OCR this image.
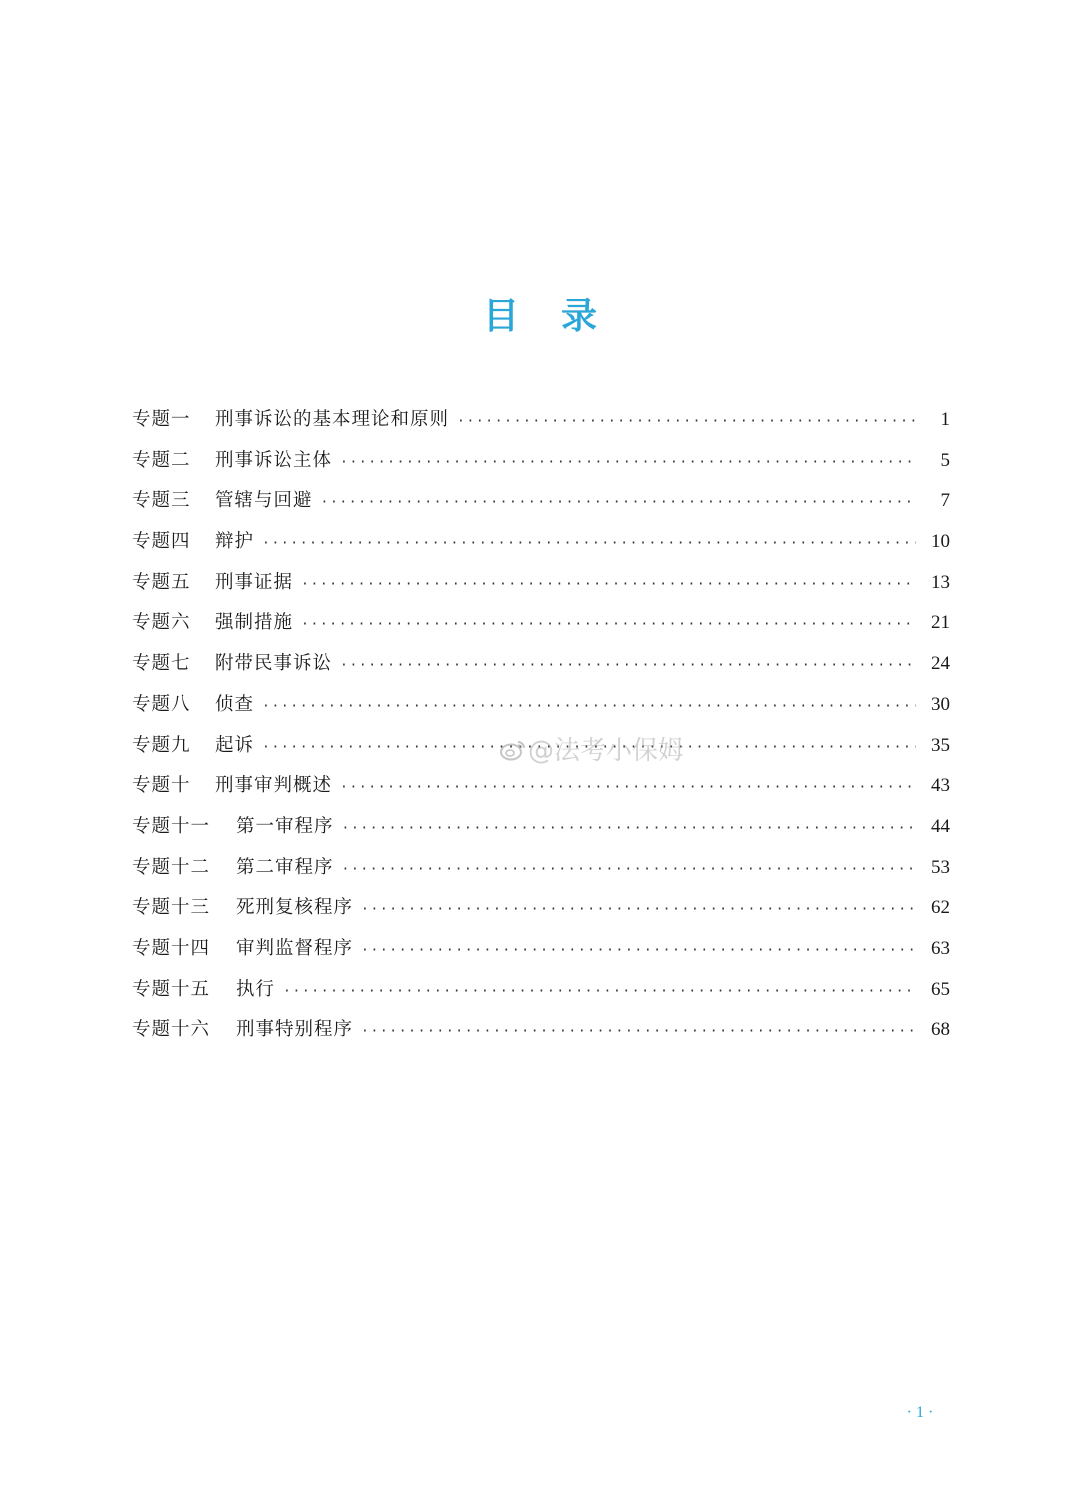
目录
专题一	刑事诉讼的基本理论和原则 ·····	1
专题二	刑事诉讼主体 ·····	5
专题三	管辖与回避 ·····	7
专题四	辩护 ·····	10
专题五	刑事证据 ·····	13
专题六	强制措施 ·····	21
专题七	附带民事诉讼 ·····	24
专题八	侦查 ·····	30
专题九	起诉 ·····	35
专题十	刑事审判概述 ·····	43
专题十一	第一审程序 ·····	44
专题十二	第二审程序 ·····	53
专题十三	死刑复核程序 ·····	62
专题十四	审判监督程序 ·····	63
专题十五	执行 ·····	65
专题十六	刑事特别程序 ·····	68
@法考小保姆
· 1 ·
